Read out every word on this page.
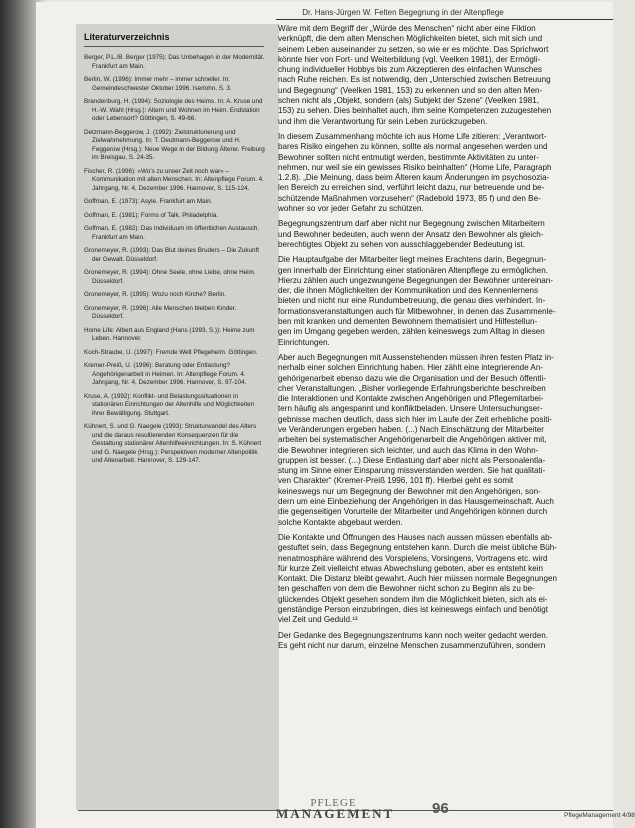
Dr. Hans-Jürgen W. Felten Begegnung in der Altenpflege
Literaturverzeichnis
Berger, P.L./B. Berger (1975): Das Unbehagen in der Modernität. Frankfurt am Main.
Berlin, W. (1996): Immer mehr – immer schneller. In: Gemeindeschwester Oktober 1996. Iserlohn, S. 3.
Brandenburg, H. (1994): Soziologie des Heims. In: A. Kruse und H.-W. Wahl (Hrsg.): Altern und Wohnen im Heim. Endstation oder Lebensort? Göttingen, S. 49-66.
Detzmann-Beggerow, J. (1992): Zielstrukturierung und Zielwahrnehmung. In: T. Deutmann-Beggerow und H. Feggerow (Hrsg.): Neue Wege in der Bildung Älterer. Freiburg im Breisgau, S. 24-35.
Fischer, R. (1996): »Wo's zu unser Zeit noch war« – Kommunikation mit alten Menschen. In: Altenpflege Forum. 4. Jahrgang, Nr. 4, Dezember 1996. Hannover, S. 115-124.
Goffman, E. (1973): Asyle. Frankfurt am Main.
Goffman, E. (1981): Forms of Talk. Philadelphia.
Goffman, E. (1982): Das Individuum im öffentlichen Austausch. Frankfurt am Main.
Gronemeyer, R. (1993): Das Blut deines Bruders – Die Zukunft der Gewalt. Düsseldorf.
Gronemeyer, R. (1994): Ohne Seele, ohne Liebe, ohne Heim. Düsseldorf.
Gronemeyer, R. (1995): Wozu noch Kirche? Berlin.
Gronemeyer, R. (1996): Alle Menschen bleiben Kinder. Düsseldorf.
Home Life: Albert aus England (Hans (1993, S.)): Heime zum Leben. Hannover.
Koch-Straube, U. (1997): Fremde Welt Pflegeheim. Göttingen.
Kremer-Preiß, U. (1996): Beratung oder Entlastung? Angehörigenarbeit in Heimen. In: Altenpflege Forum. 4. Jahrgang, Nr. 4, Dezember 1996. Hannover, S. 97-104.
Kruse, A. (1992): Konflikt- und Belastungssituationen in stationären Einrichtungen der Altenhilfe und Möglichkeiten ihrer Bewältigung. Stuttgart.
Kühnert, S. und G. Naegele (1993): Strukturwandel des Alters und die daraus resultierenden Konsequenzen für die Gestaltung stationärer Altenhilfeeinrichtungen. In: S. Kühnert und G. Naegele (Hrsg.): Perspektiven moderner Altenpolitik und Altenarbeit. Hannover, S. 129-147.
Wäre mit dem Begriff der „Würde des Menschen“ nicht aber eine Fiktion
verknüpft, die dem alten Menschen Möglichkeiten bietet, sich mit sich und
seinem Leben auseinander zu setzen, so wie er es möchte. Das Sprichwort
könnte hier von Fort- und Weiterbildung (vgl. Veelken 1981), der Ermögli-
chung individueller Hobbys bis zum Akzeptieren des einfachen Wunsches
nach Ruhe reichen. Es ist notwendig, den „Unterschied zwischen Betreuung
und Begegnung“ (Veelken 1981, 153) zu erkennen und so den alten Men-
schen nicht als „Objekt, sondern (als) Subjekt der Szene“ (Veelken 1981,
153) zu sehen. Dies beinhaltet auch, ihm seine Kompetenzen zuzugestehen
und ihm die Verantwortung für sein Leben zurückzugeben.
In diesem Zusammenhang möchte ich aus Home Life zitieren: „Verantwort-
bares Risiko eingehen zu können, sollte als normal angesehen werden und
Bewohner sollten nicht entmutigt werden, bestimmte Aktivitäten zu unter-
nehmen, nur weil sie ein gewisses Risiko beinhalten“ (Home Life, Paragraph
1.2.8). „Die Meinung, dass beim Älteren kaum Änderungen im psychosozia-
len Bereich zu erreichen sind, verführt leicht dazu, nur betreuende und be-
schützende Maßnahmen vorzusehen“ (Radebold 1973, 85 f) und den Be-
wohner so vor jeder Gefahr zu schützen.
Begegnungszentrum darf aber nicht nur Begegnung zwischen Mitarbeitern
und Bewohner bedeuten, auch wenn der Ansatz den Bewohner als gleich-
berechtigtes Objekt zu sehen von ausschlaggebender Bedeutung ist.
Die Hauptaufgabe der Mitarbeiter liegt meines Erachtens darin, Begegnun-
gen innerhalb der Einrichtung einer stationären Altenpflege zu ermöglichen.
Hierzu zählen auch ungezwungene Begegnungen der Bewohner untereinan-
der, die ihnen Möglichkeiten der Kommunikation und des Kennenlernens
bieten und nicht nur eine Rundumbetreuung, die genau dies verhindert. In-
formationsveranstaltungen auch für Mitbewohner, in denen das Zusammenle-
ben mit kranken und dementen Bewohnern thematisiert und Hilfestellun-
gen im Umgang gegeben werden, zählen keineswegs zum Alltag in diesen
Einrichtungen.
Aber auch Begegnungen mit Aussenstehenden müssen ihren festen Platz in-
nerhalb einer solchen Einrichtung haben. Hier zählt eine integrierende An-
gehörigenarbeit ebenso dazu wie die Organisation und der Besuch öffentli-
cher Veranstaltungen. „Bisher vorliegende Erfahrungsberichte beschreiben
die Interaktionen und Kontakte zwischen Angehörigen und Pflegemitarbei-
tern häufig als angespannt und konfliktbeladen. Unsere Untersuchungser-
gebnisse machen deutlich, dass sich hier im Laufe der Zeit erhebliche positi-
ve Veränderungen ergeben haben. (...) Nach Einschätzung der Mitarbeiter
arbeiten bei systematischer Angehörigenarbeit die Angehörigen aktiver mit,
die Bewohner integrieren sich leichter, und auch das Klima in den Wohn-
gruppen ist besser. (...) Diese Entlastung darf aber nicht als Personalentla-
stung im Sinne einer Einsparung missverstanden werden. Sie hat qualitati-
ven Charakter“ (Kremer-Preiß 1996, 101 ff). Hierbei geht es somit
keineswegs nur um Begegnung der Bewohner mit den Angehörigen, son-
dern um eine Einbeziehung der Angehörigen in das Hausgemeinschaft. Auch
die gegenseitigen Vorurteile der Mitarbeiter und Angehörigen können durch
solche Kontakte abgebaut werden.
Die Kontakte und Öffnungen des Hauses nach aussen müssen ebenfalls ab-
gestuftet sein, dass Begegnung entstehen kann. Durch die meist übliche Büh-
nenatmosphäre während des Vorspielens, Vorsingens, Vortragens etc. wird
für kurze Zeit vielleicht etwas Abwechslung geboten, aber es entsteht kein
Kontakt. Die Distanz bleibt gewahrt. Auch hier müssen normale Begegnungen
ten geschaffen von dem die Bewohner nicht schon zu Beginn als zu be-
glückendes Objekt gesehen sondern ihm die Möglichkeit bieten, sich als ei-
genständige Person einzubringen, dies ist keineswegs einfach und benötigt
viel Zeit und Geduld.¹³
Der Gedanke des Begegnungszentrums kann noch weiter gedacht werden.
Es geht nicht nur darum, einzelne Menschen zusammenzuführen, sondern
PFLEGE
MANAGEMENT	96	PflegeManagement 4/98
